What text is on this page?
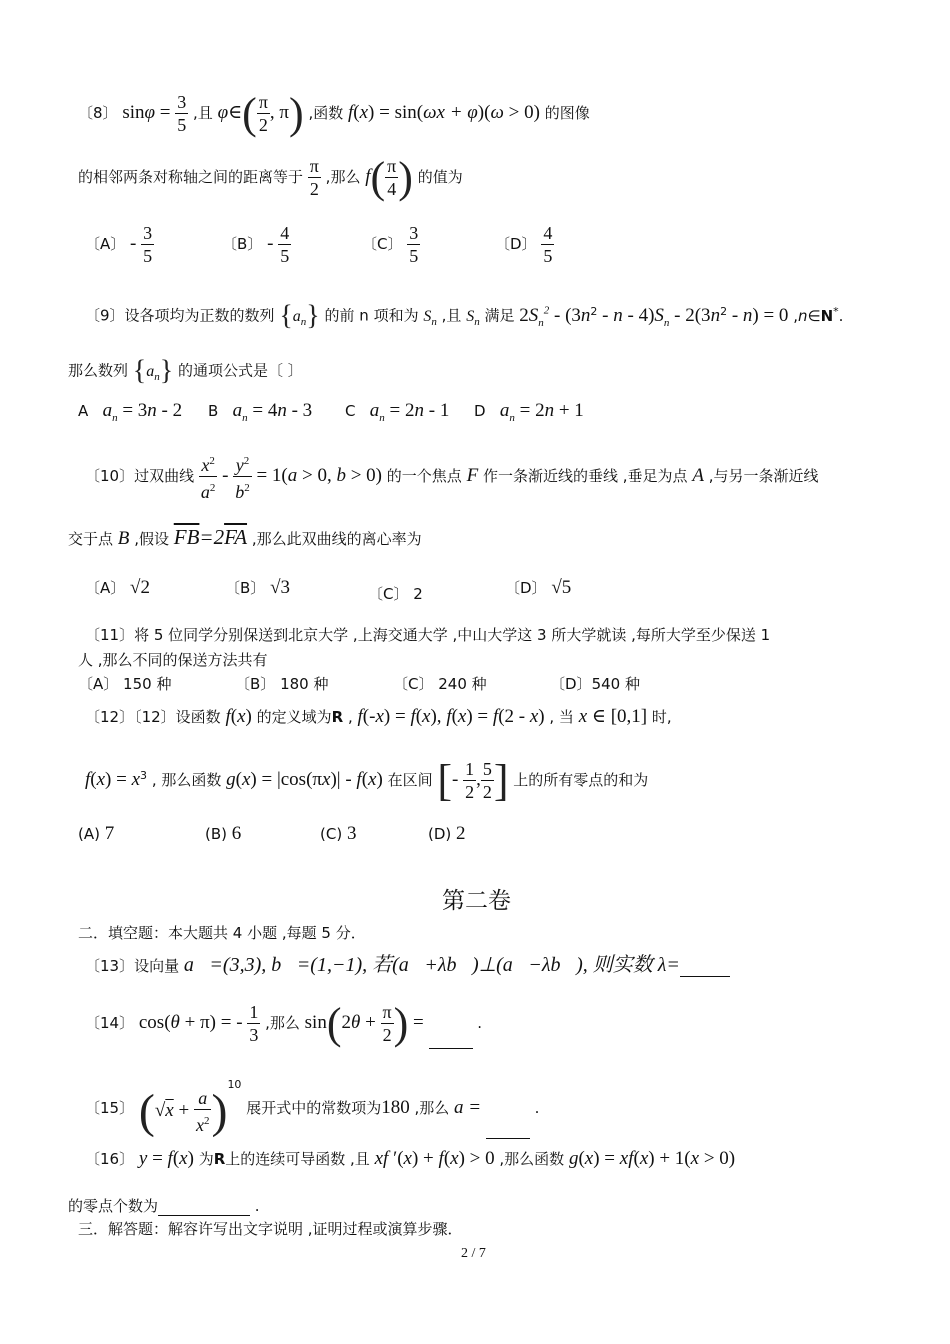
〔8〕 $\sin\varphi = \frac{3}{5}$ ,且 φ∈( $\frac{\pi}{2}$ , π) ,函数 f(x) = sin(ωx + φ)(ω > 0) 的图像
的相邻两条对称轴之间的距离等于 $\frac{\pi}{2}$ ,那么 $f( \frac{\pi}{4}$ ) 的值为
〔A〕 - $\frac{3}{5}$	〔B〕 - $\frac{4}{5}$	〔C〕 $\frac{3}{5}$	〔D〕 $\frac{4}{5}$
〔9〕设各项均为正数的数列 $\{a_n\}$ 的前 n 项和为 $S_n$ ,且 $S_n$ 满足 $2S_n^2 - (3n^2 - n - 4)S_n - 2(3n^2 - n) = 0$ ,n∈N*.
那么数列 $\{a_n\}$ 的通项公式是〔 〕
A $a_n = 3n - 2$ B $a_n = 4n - 3$ C $a_n = 2n - 1$ D $a_n = 2n + 1$
〔10〕过双曲线 $\frac{x^2}{a^2} - \frac{y^2}{b^2} = 1(a > 0$, b > 0) 的一个焦点 F 作一条渐近线的垂线 ,垂足为点 A ,与另一条渐近线
交于点 B ,假设 $\overline{FB}=2\overline{FA}$ ,那么此双曲线的离心率为
〔A〕 √2	〔B〕 √3	〔C〕 2	〔D〕 √5
〔11〕将 5 位同学分别保送到北京大学 ,上海交通大学 ,中山大学这 3 所大学就读 ,每所大学至少保送 1
人 ,那么不同的保送方法共有
〔A〕 150 种	〔B〕 180 种	〔C〕 240 种	〔D〕540 种
〔12〕〔12〕设函数 f(x) 的定义域为R , f(-x) = f(x), f(x) = f(2 - x) , 当 x ∈ [0,1] 时,
$f(x) = x^3$ , 那么函数 g(x) = |cos(πx)| - f(x) 在区间 [- $\frac{1}{2}$ , $\frac{5}{2}$ ] 上的所有零点的和为
(A) 7	(B) 6	(C) 3	(D) 2
第二卷
二．填空题：本大题共 4 小题 ,每题 5 分．
〔13〕设向量 a⃗=(3,3), b⃗=(1,−1), 若(a⃗+λb⃗)⊥(a⃗−λb⃗), 则实数 λ=
〔14〕 cos(θ + π) = - $\frac{1}{3}$ ,那么 $\sin(2\theta + \frac{\pi}{2}$ ) =	.
〔15〕 $(√x + \frac{a}{x^2} )^{10}$ 展开式中的常数项为180 ,那么 a =	.
〔16〕 y = f(x) 为R上的连续可导函数 ,且 xf ′(x) + f(x) > 0 ,那么函数 g(x) = xf(x) + 1(x > 0)
的零点个数为	.
三．解答题：解容许写出文字说明 ,证明过程或演算步骤．
2 / 7
